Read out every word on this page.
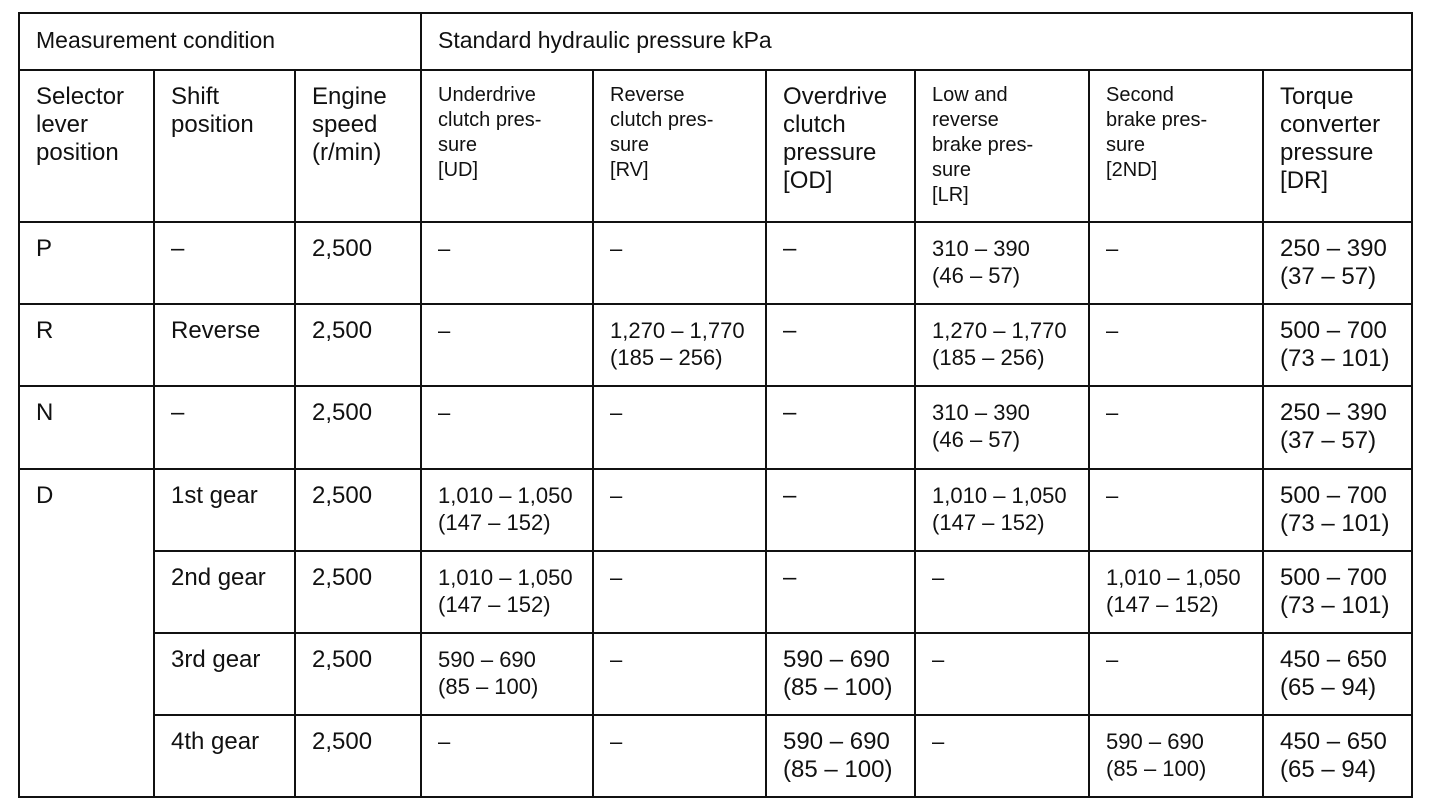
Measurement condition			Standard hydraulic pressure kPa					
Selector
lever
position	Shift
position	Engine
speed
(r/min)	Underdrive
clutch pres-
sure
[UD]	Reverse
clutch pres-
sure
[RV]	Overdrive
clutch
pressure
[OD]	Low and
reverse
brake pres-
sure
[LR]	Second
brake pres-
sure
[2ND]	Torque
converter
pressure
[DR]
P	–	2,500	–	–	–	310 – 390
(46 – 57)	–	250 – 390
(37 – 57)
R	Reverse	2,500	–	1,270 – 1,770
(185 – 256)	–	1,270 – 1,770
(185 – 256)	–	500 – 700
(73 – 101)
N	–	2,500	–	–	–	310 – 390
(46 – 57)	–	250 – 390
(37 – 57)
D	1st gear	2,500	1,010 – 1,050
(147 – 152)	–	–	1,010 – 1,050
(147 – 152)	–	500 – 700
(73 – 101)
	2nd gear	2,500	1,010 – 1,050
(147 – 152)	–	–	–	1,010 – 1,050
(147 – 152)	500 – 700
(73 – 101)
	3rd gear	2,500	590 – 690
(85 – 100)	–	590 – 690
(85 – 100)	–	–	450 – 650
(65 – 94)
	4th gear	2,500	–	–	590 – 690
(85 – 100)	–	590 – 690
(85 – 100)	450 – 650
(65 – 94)
